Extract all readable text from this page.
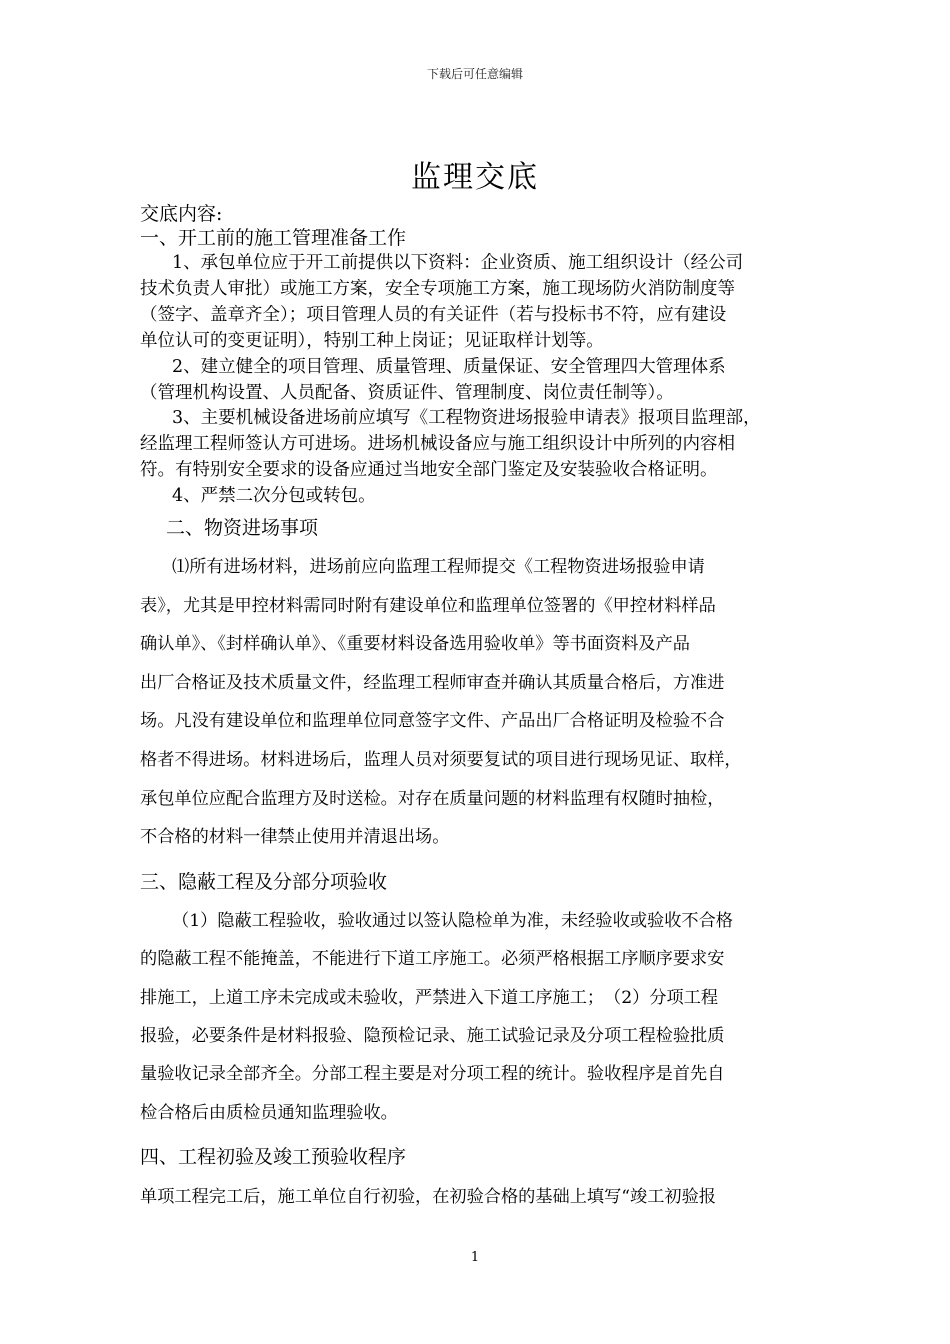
下载后可任意编辑
监理交底
交底内容:
一、开工前的施工管理准备工作
1、承包单位应于开工前提供以下资料：企业资质、施工组织设计（经公司
技术负责人审批）或施工方案，安全专项施工方案，施工现场防火消防制度等
（签字、盖章齐全）；项目管理人员的有关证件（若与投标书不符，应有建设
单位认可的变更证明），特别工种上岗证；见证取样计划等。
2、建立健全的项目管理、质量管理、质量保证、安全管理四大管理体系
（管理机构设置、人员配备、资质证件、管理制度、岗位责任制等）。
3、主要机械设备进场前应填写《工程物资进场报验申请表》报项目监理部，
经监理工程师签认方可进场。进场机械设备应与施工组织设计中所列的内容相
符。有特别安全要求的设备应通过当地安全部门鉴定及安装验收合格证明。
4、严禁二次分包或转包。
二、物资进场事项
⑴所有进场材料，进场前应向监理工程师提交《工程物资进场报验申请
表》，尤其是甲控材料需同时附有建设单位和监理单位签署的《甲控材料样品
确认单》、《封样确认单》、《重要材料设备选用验收单》等书面资料及产品
出厂合格证及技术质量文件，经监理工程师审查并确认其质量合格后，方准进
场。凡没有建设单位和监理单位同意签字文件、产品出厂合格证明及检验不合
格者不得进场。材料进场后，监理人员对须要复试的项目进行现场见证、取样，
承包单位应配合监理方及时送检。对存在质量问题的材料监理有权随时抽检，
不合格的材料一律禁止使用并清退出场。
三、隐蔽工程及分部分项验收
（1）隐蔽工程验收，验收通过以签认隐检单为准，未经验收或验收不合格
的隐蔽工程不能掩盖，不能进行下道工序施工。必须严格根据工序顺序要求安
排施工，上道工序未完成或未验收，严禁进入下道工序施工；　（2）分项工程
报验，必要条件是材料报验、隐预检记录、施工试验记录及分项工程检验批质
量验收记录全部齐全。分部工程主要是对分项工程的统计。验收程序是首先自
检合格后由质检员通知监理验收。
四、工程初验及竣工预验收程序
单项工程完工后，施工单位自行初验，在初验合格的基础上填写“竣工初验报
1
